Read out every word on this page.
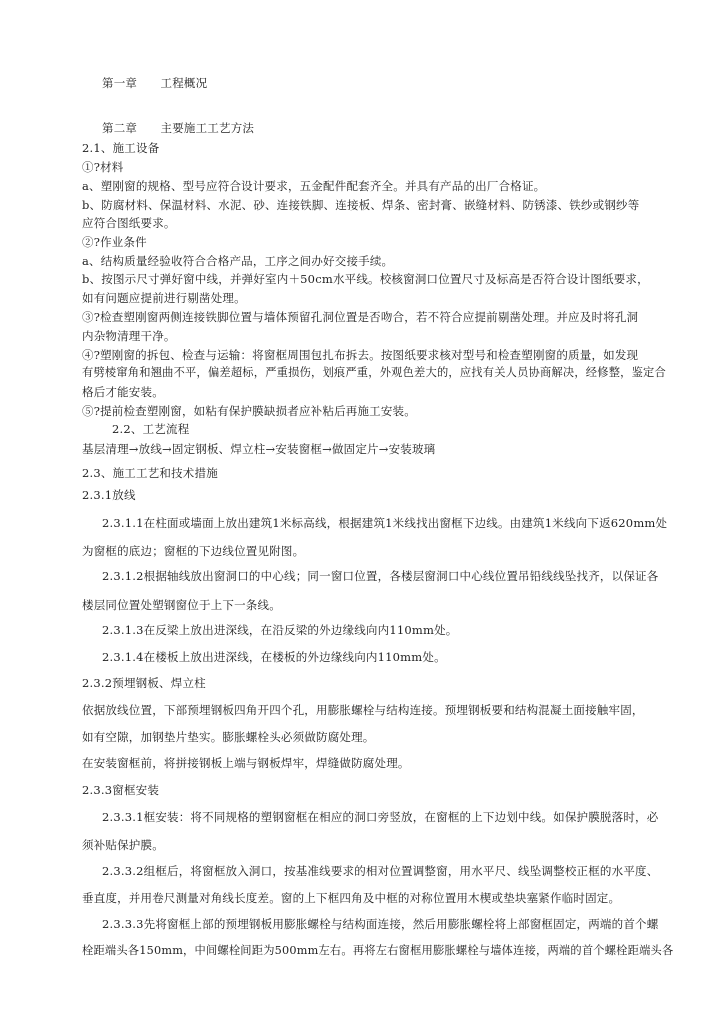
第一章　　工程概况
第二章　　主要施工工艺方法
2.1、施工设备
①?材料
a、塑刚窗的规格、型号应符合设计要求，五金配件配套齐全。并具有产品的出厂合格证。
b、防腐材料、保温材料、水泥、砂、连接铁脚、连接板、焊条、密封膏、嵌缝材料、防锈漆、铁纱或钢纱等
应符合图纸要求。
②?作业条件
a、结构质量经验收符合合格产品，工序之间办好交接手续。
b、按图示尺寸弹好窗中线，并弹好室内＋50cm水平线。校核窗洞口位置尺寸及标高是否符合设计图纸要求，
如有问题应提前进行剔凿处理。
③?检查塑刚窗两侧连接铁脚位置与墙体预留孔洞位置是否吻合，若不符合应提前剔凿处理。并应及时将孔洞
内杂物清理干净。
④?塑刚窗的拆包、检查与运输：将窗框周围包扎布拆去。按图纸要求核对型号和检查塑刚窗的质量，如发现
有劈棱窜角和翘曲不平，偏差超标，严重损伤，划痕严重，外观色差大的，应找有关人员协商解决，经修整，鉴定合
格后才能安装。
⑤?提前检查塑刚窗，如粘有保护膜缺损者应补粘后再施工安装。
2.2、工艺流程
基层清理→放线→固定钢板、焊立柱→安装窗框→做固定片→安装玻璃
2.3、施工工艺和技术措施
2.3.1放线
2.3.1.1在柱面或墙面上放出建筑1米标高线，根据建筑1米线找出窗框下边线。由建筑1米线向下返620mm处
为窗框的底边；窗框的下边线位置见附图。
2.3.1.2根据轴线放出窗洞口的中心线；同一窗口位置，各楼层窗洞口中心线位置吊铅线线坠找齐，以保证各
楼层同位置处塑钢窗位于上下一条线。
2.3.1.3在反梁上放出进深线，在沿反梁的外边缘线向内110mm处。
2.3.1.4在楼板上放出进深线，在楼板的外边缘线向内110mm处。
2.3.2预埋钢板、焊立柱
依据放线位置，下部预埋钢板四角开四个孔，用膨胀螺栓与结构连接。预埋钢板要和结构混凝土面接触牢固，
如有空隙，加钢垫片垫实。膨胀螺栓头必须做防腐处理。
在安装窗框前，将拼接钢板上端与钢板焊牢，焊缝做防腐处理。
2.3.3窗框安装
2.3.3.1框安装：将不同规格的塑钢窗框在相应的洞口旁竖放，在窗框的上下边划中线。如保护膜脱落时，必
须补贴保护膜。
2.3.3.2组框后，将窗框放入洞口，按基准线要求的相对位置调整窗，用水平尺、线坠调整校正框的水平度、
垂直度，并用卷尺测量对角线长度差。窗的上下框四角及中框的对称位置用木楔或垫块塞紧作临时固定。
2.3.3.3先将窗框上部的预埋钢板用膨胀螺栓与结构面连接，然后用膨胀螺栓将上部窗框固定，两端的首个螺
栓距端头各150mm，中间螺栓间距为500mm左右。再将左右窗框用膨胀螺栓与墙体连接，两端的首个螺栓距端头各
